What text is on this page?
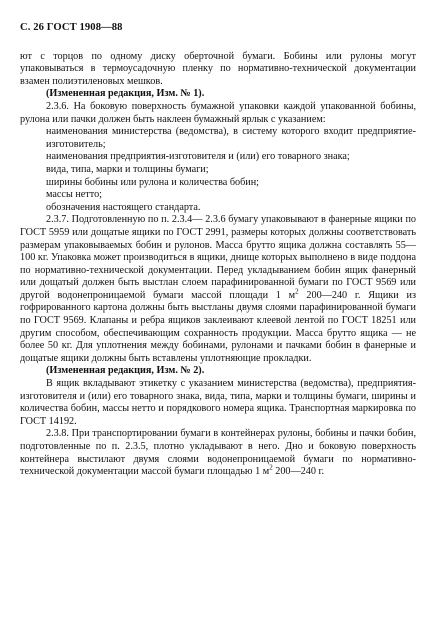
С. 26 ГОСТ 1908—88

ют с торцов по одному диску оберточной бумаги. Бобины или рулоны могут упаковываться в термоусадочную пленку по нормативно-технической документации взамен полиэтиленовых мешков.

(Измененная редакция, Изм. № 1).

2.3.6. На боковую поверхность бумажной упаковки каждой упакованной бобины, рулона или пачки должен быть наклеен бумажный ярлык с указанием:

наименования министерства (ведомства), в систему которого входит предприятие-изготовитель;

наименования предприятия-изготовителя и (или) его товарного знака;

вида, типа, марки и толщины бумаги;

ширины бобины или рулона и количества бобин;

массы нетто;

обозначения настоящего стандарта.

2.3.7. Подготовленную по п. 2.3.4— 2.3.6 бумагу упаковывают в фанерные ящики по ГОСТ 5959 или дощатые ящики по ГОСТ 2991, размеры которых должны соответствовать размерам упаковываемых бобин и рулонов. Масса брутто ящика должна составлять 55—100 кг. Упаковка может производиться в ящики, днище которых выполнено в виде поддона по нормативно-технической документации. Перед укладыванием бобин ящик фанерный или дощатый должен быть выстлан слоем парафинированной бумаги по ГОСТ 9569 или другой водонепроницаемой бумаги массой площади 1 $м^2$ 200—240 г. Ящики из гофрированного картона должны быть выстланы двумя слоями парафинированной бумаги по ГОСТ 9569. Клапаны и ребра ящиков заклеивают клеевой лентой по ГОСТ 18251 или другим способом, обеспечивающим сохранность продукции. Масса брутто ящика — не более 50 кг. Для уплотнения между бобинами, рулонами и пачками бобин в фанерные и дощатые ящики должны быть вставлены уплотняющие прокладки.

(Измененная редакция, Изм. № 2).

В ящик вкладывают этикетку с указанием министерства (ведомства), предприятия-изготовителя и (или) его товарного знака, вида, типа, марки и толщины бумаги, ширины и количества бобин, массы нетто и порядкового номера ящика. Транспортная маркировка по ГОСТ 14192.

2.3.8. При транспортировании бумаги в контейнерах рулоны, бобины и пачки бобин, подготовленные по п. 2.3.5, плотно укладывают в него. Дно и боковую поверхность контейнера выстилают двумя слоями водонепроницаемой бумаги по нормативно-технической документации массой бумаги площадью 1 $м^2$ 200—240 г.
